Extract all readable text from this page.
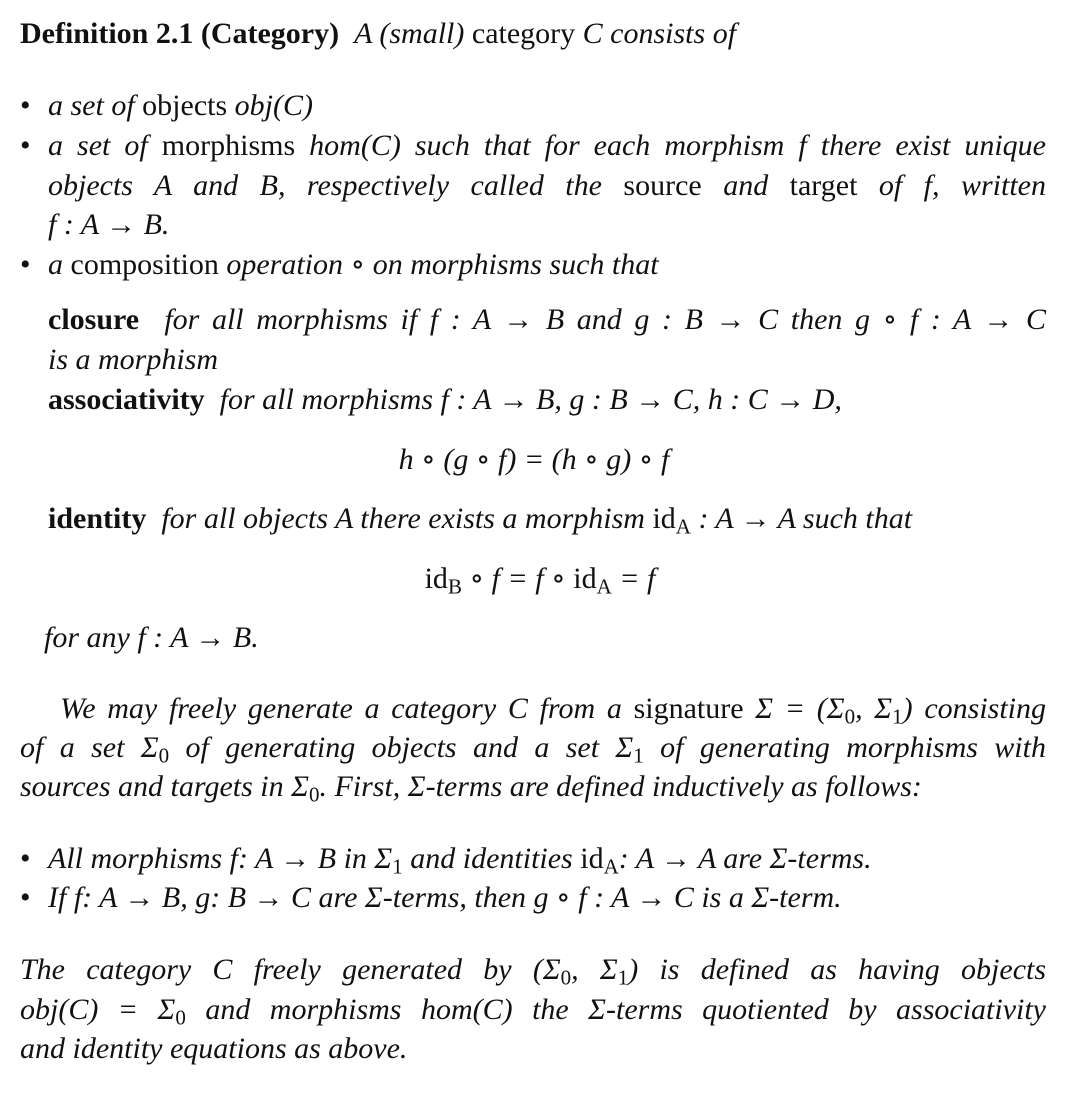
Definition 2.1 (Category) A (small) category C consists of
• a set of objects obj(C)
• a set of morphisms hom(C) such that for each morphism f there exist unique
objects A and B, respectively called the source and target of f, written
f : A → B.
• a composition operation ∘ on morphisms such that
closure for all morphisms if f : A → B and g : B → C then g ∘ f : A → C
is a morphism
associativity for all morphisms f : A → B, g : B → C, h : C → D,
h ∘ (g ∘ f) = (h ∘ g) ∘ f
identity for all objects A there exists a morphism $id_A$ : A → A such that
$id_B$ ∘ f = f ∘ $id_A = f$
for any f : A → B.
We may freely generate a category C from a signature $\Sigma = (\Sigma_0$, $\Sigma_1$) consisting
of a set $\Sigma_0$ of generating objects and a set $\Sigma_1$ of generating morphisms with
sources and targets in $\Sigma_0$. First, Σ-terms are defined inductively as follows:
• All morphisms f: A → B in $\Sigma_1$ and identities $id_A$: A → A are Σ-terms.
• If f: A → B, g: B → C are Σ-terms, then g ∘ f : A → C is a Σ-term.
The category C freely generated by ($\Sigma_0$, $\Sigma_1$) is defined as having objects
$obj(C) = \Sigma_0$ and morphisms hom(C) the Σ-terms quotiented by associativity
and identity equations as above.
